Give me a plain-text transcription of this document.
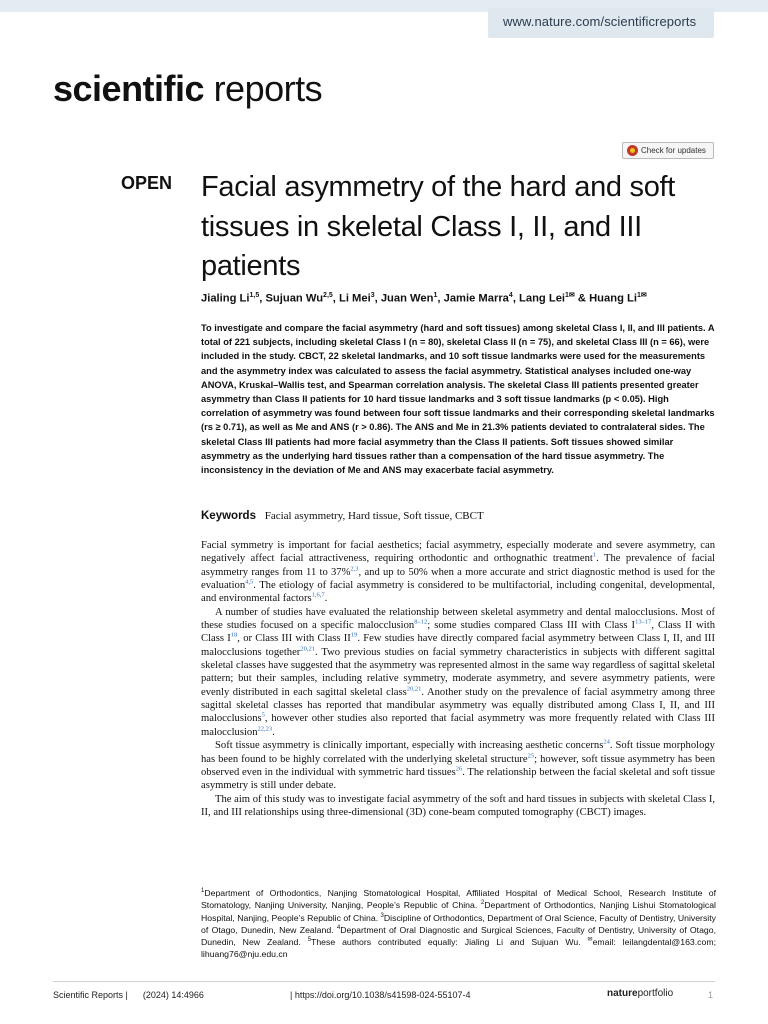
www.nature.com/scientificreports
scientific reports
Check for updates
OPEN Facial asymmetry of the hard and soft tissues in skeletal Class I, II, and III patients
Jialing Li$^{1,5}$, Sujuan Wu$^{2,5}$, Li Mei$^3$, Juan Wen$^1$, Jamie Marra$^4$, Lang Lei$^{1✉}$ & Huang $Li^{1✉}$

To investigate and compare the facial asymmetry (hard and soft tissues) among skeletal Class I, II, and III patients. A total of 221 subjects, including skeletal Class I (n = 80), skeletal Class II (n = 75), and skeletal Class III (n = 66), were included in the study. CBCT, 22 skeletal landmarks, and 10 soft tissue landmarks were used for the measurements and the asymmetry index was calculated to assess the facial asymmetry. Statistical analyses included one-way ANOVA, Kruskal–Wallis test, and Spearman correlation analysis. The skeletal Class III patients presented greater asymmetry than Class II patients for 10 hard tissue landmarks and 3 soft tissue landmarks (p < 0.05). High correlation of asymmetry was found between four soft tissue landmarks and their corresponding skeletal landmarks (rs ≥ 0.71), as well as Me and ANS (r > 0.86). The ANS and Me in 21.3% patients deviated to contralateral sides. The skeletal Class III patients had more facial asymmetry than the Class II patients. Soft tissues showed similar asymmetry as the underlying hard tissues rather than a compensation of the hard tissue asymmetry. The inconsistency in the deviation of Me and ANS may exacerbate facial asymmetry.

Keywords Facial asymmetry, Hard tissue, Soft tissue, CBCT

Facial symmetry is important for facial aesthetics; facial asymmetry, especially moderate and severe asymmetry, can negatively affect facial attractiveness, requiring orthodontic and orthognathic treatment$^1$. The prevalence of facial asymmetry ranges from 11 to 37%$^{2,3}$, and up to 50% when a more accurate and strict diagnostic method is used for the evaluation$^{4,5}$. The etiology of facial asymmetry is considered to be multifactorial, including congenital, developmental, and environmental factors$^{1,6,7}$.

A number of studies have evaluated the relationship between skeletal asymmetry and dental malocclusions. Most of these studies focused on a specific malocclusion$^{8-12}$; some studies compared Class III with Class $I^{13-17}$, Class II with Class $I^{18}$, or Class III with Class II$^{19}$. Few studies have directly compared facial asymmetry between Class I, II, and III malocclusions together$^{20,21}$. Two previous studies on facial symmetry characteristics in subjects with different sagittal skeletal classes have suggested that the asymmetry was represented almost in the same way regardless of sagittal skeletal pattern; but their samples, including relative symmetry, moderate asymmetry, and severe asymmetry patients, were evenly distributed in each sagittal skeletal class$^{20,21}$. Another study on the prevalence of facial asymmetry among three sagittal skeletal classes has reported that mandibular asymmetry was equally distributed among Class I, II, and III malocclusions$^5$, however other studies also reported that facial asymmetry was more frequently related with Class III malocclusion$^{22,23}$.

Soft tissue asymmetry is clinically important, especially with increasing aesthetic concerns$^{24}$. Soft tissue morphology has been found to be highly correlated with the underlying skeletal structure$^{25}$; however, soft tissue asymmetry has been observed even in the individual with symmetric hard tissues$^{26}$. The relationship between the facial skeletal and soft tissue asymmetry is still under debate.

The aim of this study was to investigate facial asymmetry of the soft and hard tissues in subjects with skeletal Class I, II, and III relationships using three-dimensional (3D) cone-beam computed tomography (CBCT) images.

$^1$Department of Orthodontics, Nanjing Stomatological Hospital, Affiliated Hospital of Medical School, Research Institute of Stomatology, Nanjing University, Nanjing, People’s Republic of China. $^2$Department of Orthodontics, Nanjing Lishui Stomatological Hospital, Nanjing, People’s Republic of China. $^3$Discipline of Orthodontics, Department of Oral Science, Faculty of Dentistry, University of Otago, Dunedin, New Zealand. $^4$Department of Oral Diagnostic and Surgical Sciences, Faculty of Dentistry, University of Otago, Dunedin, New Zealand. $^5$These authors contributed equally: Jialing Li and Sujuan Wu. ✉email: leilangdental@163.com; lihuang76@nju.edu.cn
Scientific Reports | (2024) 14:4966	| https://doi.org/10.1038/s41598-024-55107-4	natureportfolio	1
